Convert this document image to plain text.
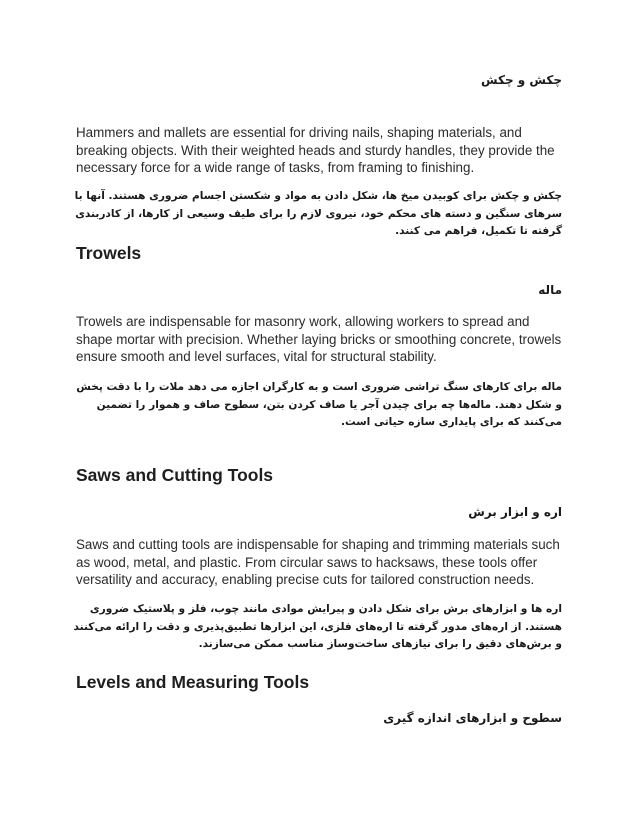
چکش و چکش

Hammers and mallets are essential for driving nails, shaping materials, and breaking objects. With their weighted heads and sturdy handles, they provide the necessary force for a wide range of tasks, from framing to finishing.

چکش و چکش برای کوبیدن میخ ها، شکل دادن به مواد و شکستن اجسام ضروری هستند. آنها با سرهای سنگین و دسته های محکم خود، نیروی لازم را برای طیف وسیعی از کارها، از کادربندی گرفته تا تکمیل، فراهم می کنند.

Trowels
ماله

Trowels are indispensable for masonry work, allowing workers to spread and shape mortar with precision. Whether laying bricks or smoothing concrete, trowels ensure smooth and level surfaces, vital for structural stability.

ماله برای کارهای سنگ تراشی ضروری است و به کارگران اجازه می دهد ملات را با دقت پخش و شکل دهند. ماله‌ها چه برای چیدن آجر یا صاف کردن بتن، سطوح صاف و هموار را تضمین می‌کنند که برای پایداری سازه حیاتی است.

Saws and Cutting Tools
اره و ابزار برش

Saws and cutting tools are indispensable for shaping and trimming materials such as wood, metal, and plastic. From circular saws to hacksaws, these tools offer versatility and accuracy, enabling precise cuts for tailored construction needs.

اره ها و ابزارهای برش برای شکل دادن و پیرایش موادی مانند چوب، فلز و پلاستیک ضروری هستند. از اره‌های مدور گرفته تا اره‌های فلزی، این ابزارها تطبیق‌پذیری و دقت را ارائه می‌کنند و برش‌های دقیق را برای نیازهای ساخت‌وساز مناسب ممکن می‌سازند.

Levels and Measuring Tools
سطوح و ابزارهای اندازه گیری
